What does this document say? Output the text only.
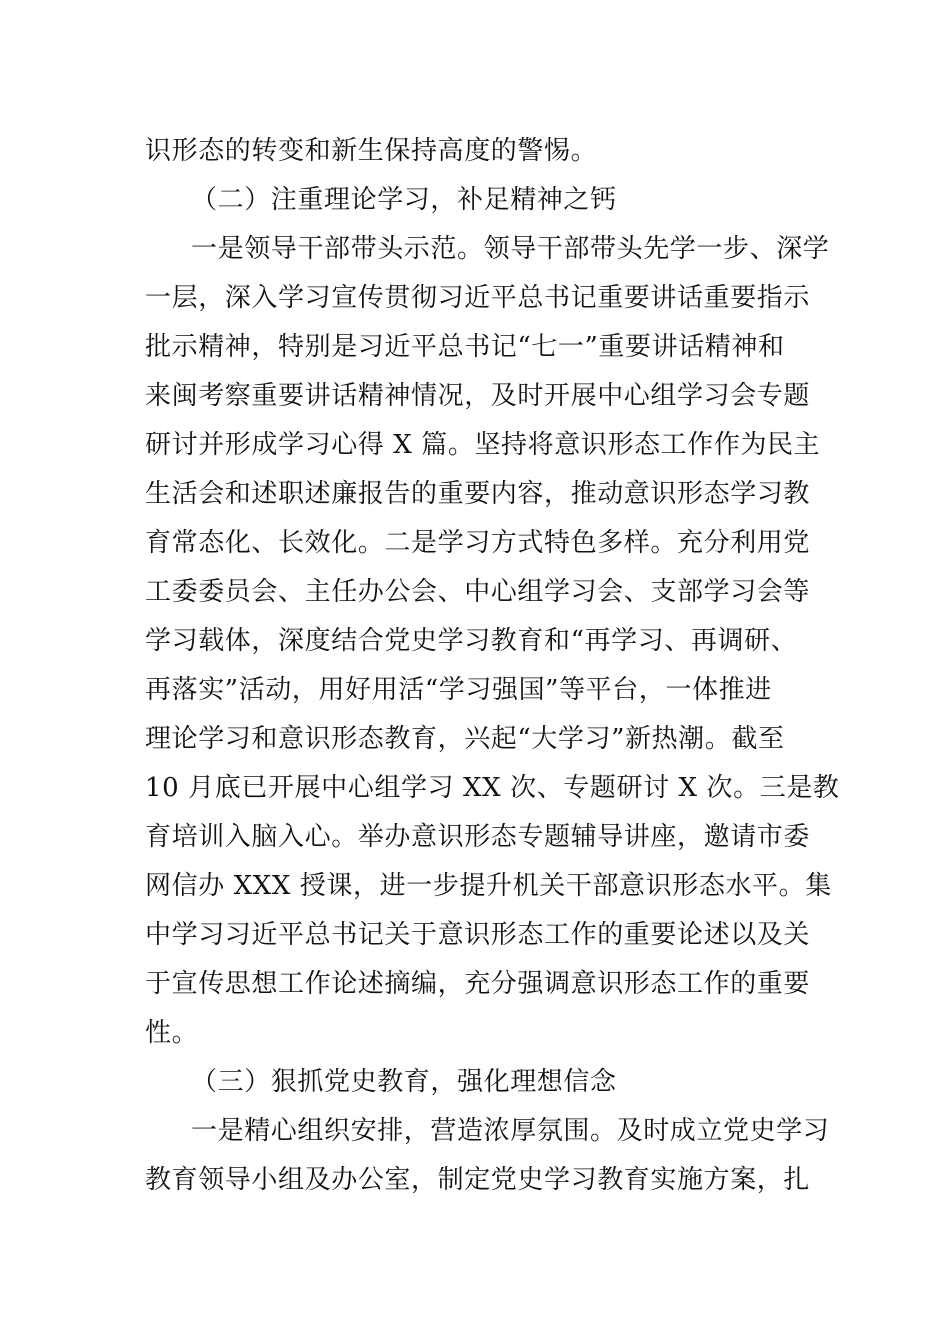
识形态的转变和新生保持高度的警惕。
（二）注重理论学习，补足精神之钙
一是领导干部带头示范。领导干部带头先学一步、深学
一层，深入学习宣传贯彻习近平总书记重要讲话重要指示
批示精神，特别是习近平总书记“七一”重要讲话精神和
来闽考察重要讲话精神情况，及时开展中心组学习会专题
研讨并形成学习心得 X 篇。坚持将意识形态工作作为民主
生活会和述职述廉报告的重要内容，推动意识形态学习教
育常态化、长效化。二是学习方式特色多样。充分利用党
工委委员会、主任办公会、中心组学习会、支部学习会等
学习载体，深度结合党史学习教育和“再学习、再调研、
再落实”活动，用好用活“学习强国”等平台，一体推进
理论学习和意识形态教育，兴起“大学习”新热潮。截至
10 月底已开展中心组学习 XX 次、专题研讨 X 次。三是教
育培训入脑入心。举办意识形态专题辅导讲座，邀请市委
网信办 XXX 授课，进一步提升机关干部意识形态水平。集
中学习习近平总书记关于意识形态工作的重要论述以及关
于宣传思想工作论述摘编，充分强调意识形态工作的重要
性。
（三）狠抓党史教育，强化理想信念
一是精心组织安排，营造浓厚氛围。及时成立党史学习
教育领导小组及办公室，制定党史学习教育实施方案，扎
